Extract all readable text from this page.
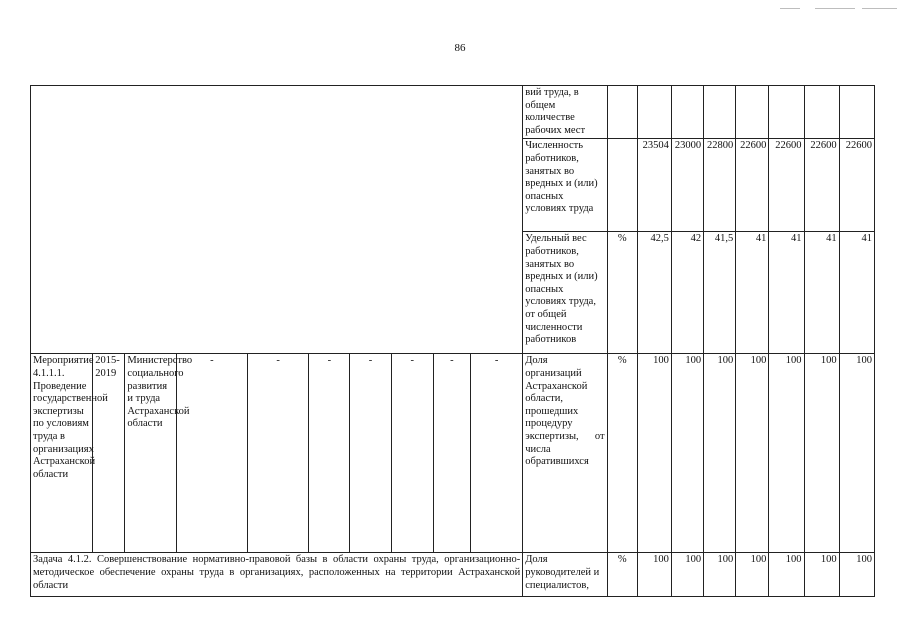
86
										вий труда, в общем количестве рабочих мест								
										Численность работников, занятых во вредных и (или) опасных условиях труда		23504	23000	22800	22600	22600	22600	22600
										Удельный вес работников, занятых во вредных и (или) опасных условиях труда, от общей численности работников	%	42,5	42	41,5	41	41	41	41
Мероприятие 4.1.1.1. Проведение государственной экспертизы по условиям труда в организациях Астраханской области	2015-2019	Министерство социального развития и труда Астраханской области	-	-	-	-	-	-	-	Доля организаций Астраханской области, прошедших процедуру экспертизы, от числа обратившихся	%	100	100	100	100	100	100	100
Задача 4.1.2. Совершенствование нормативно-правовой базы в области охраны труда, организационно-методическое обеспечение охраны труда в организациях, расположенных на территории Астраханской области										Доля руководителей и специалистов,	%	100	100	100	100	100	100	100
